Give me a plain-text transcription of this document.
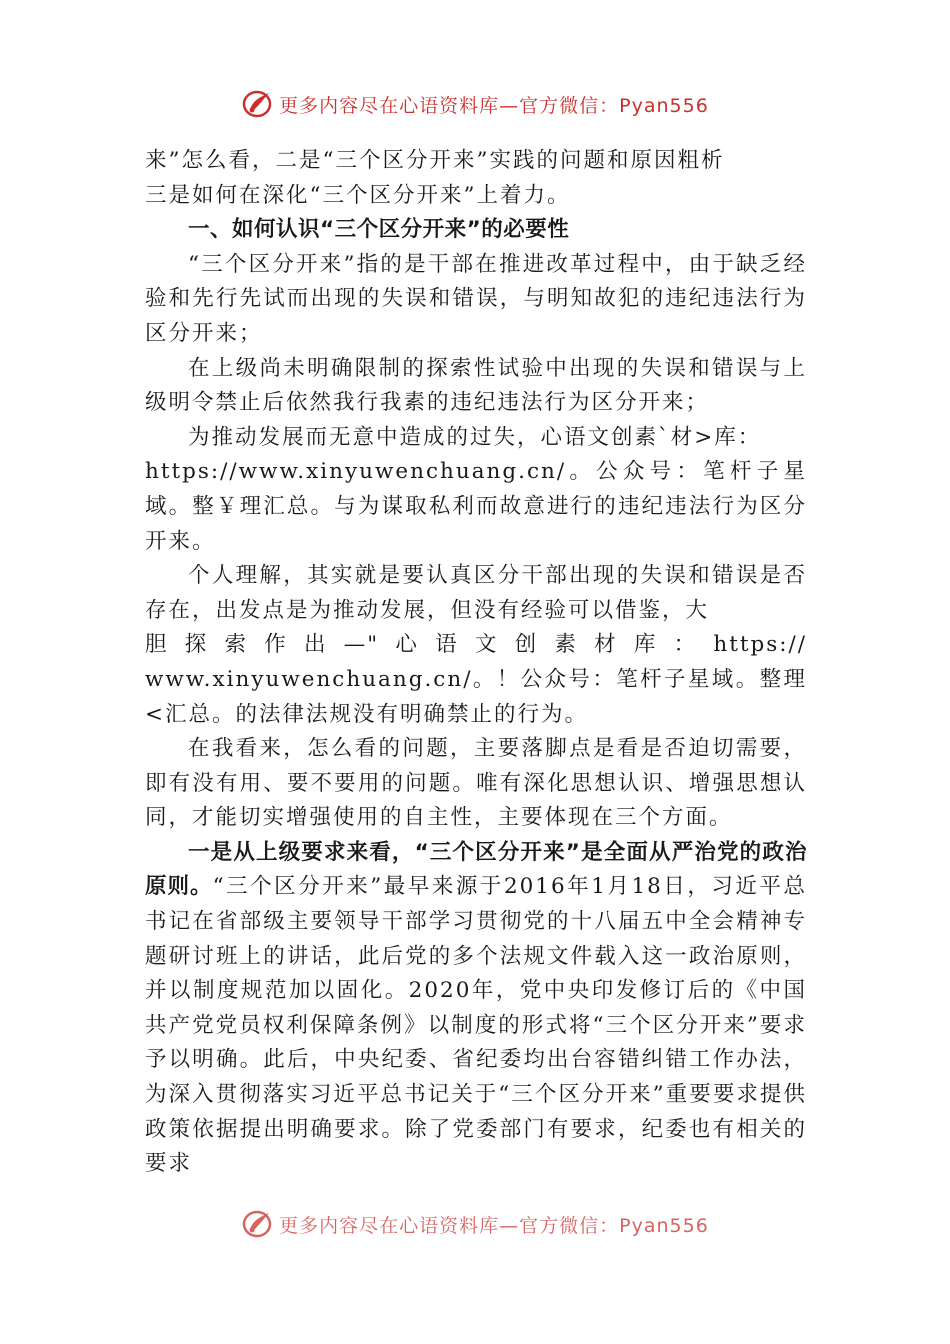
更多内容尽在心语资料库—官方微信：Pyan556

来”怎么看，二是“三个区分开来”实践的问题和原因粗析

三是如何在深化“三个区分开来”上着力。

一、如何认识“三个区分开来”的必要性

“三个区分开来”指的是干部在推进改革过程中，由于缺乏经验和先行先试而出现的失误和错误，与明知故犯的违纪违法行为区分开来；

在上级尚未明确限制的探索性试验中出现的失误和错误与上级明令禁止后依然我行我素的违纪违法行为区分开来；

为推动发展而无意中造成的过失，心语文创素`材>库：

https://www.xinyuwenchuang.cn/。公众号：笔杆子星域。整￥理汇总。与为谋取私利而故意进行的违纪违法行为区分开来。

个人理解，其实就是要认真区分干部出现的失误和错误是否存在，出发点是为推动发展，但没有经验可以借鉴，大

胆探索作出—"心语文创素材库：https://

www.xinyuwenchuang.cn/。！公众号：笔杆子星域。整理<汇总。的法律法规没有明确禁止的行为。

在我看来，怎么看的问题，主要落脚点是看是否迫切需要，即有没有用、要不要用的问题。唯有深化思想认识、增强思想认同，才能切实增强使用的自主性，主要体现在三个方面。

一是从上级要求来看，“三个区分开来”是全面从严治党的政治原则。“三个区分开来”最早来源于2016年1月18日，习近平总书记在省部级主要领导干部学习贯彻党的十八届五中全会精神专题研讨班上的讲话，此后党的多个法规文件载入这一政治原则，并以制度规范加以固化。2020年，党中央印发修订后的《中国共产党党员权利保障条例》以制度的形式将“三个区分开来”要求予以明确。此后，中央纪委、省纪委均出台容错纠错工作办法，为深入贯彻落实习近平总书记关于“三个区分开来”重要要求提供政策依据提出明确要求。除了党委部门有要求，纪委也有相关的要求

更多内容尽在心语资料库—官方微信：Pyan556
